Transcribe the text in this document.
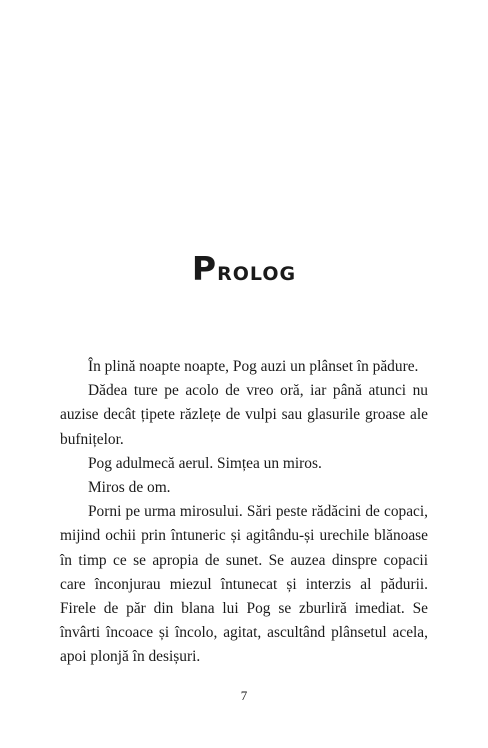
Prolog

În plină noapte noapte, Pog auzi un plânset în pădure.

Dădea ture pe acolo de vreo oră, iar până atunci nu auzise decât țipete răzlețe de vulpi sau glasurile groase ale bufnițelor.

Pog adulmecă aerul. Simțea un miros.

Miros de om.

Porni pe urma mirosului. Sări peste rădăcini de copaci, mijind ochii prin întuneric și agitându-și urechile blănoase în timp ce se apropia de sunet. Se auzea dinspre copacii care înconjurau miezul întunecat și interzis al pădurii. Firele de păr din blana lui Pog se zburliră imediat. Se învârti încoace și încolo, agitat, ascultând plânsetul acela, apoi plonjă în desișuri.

7
